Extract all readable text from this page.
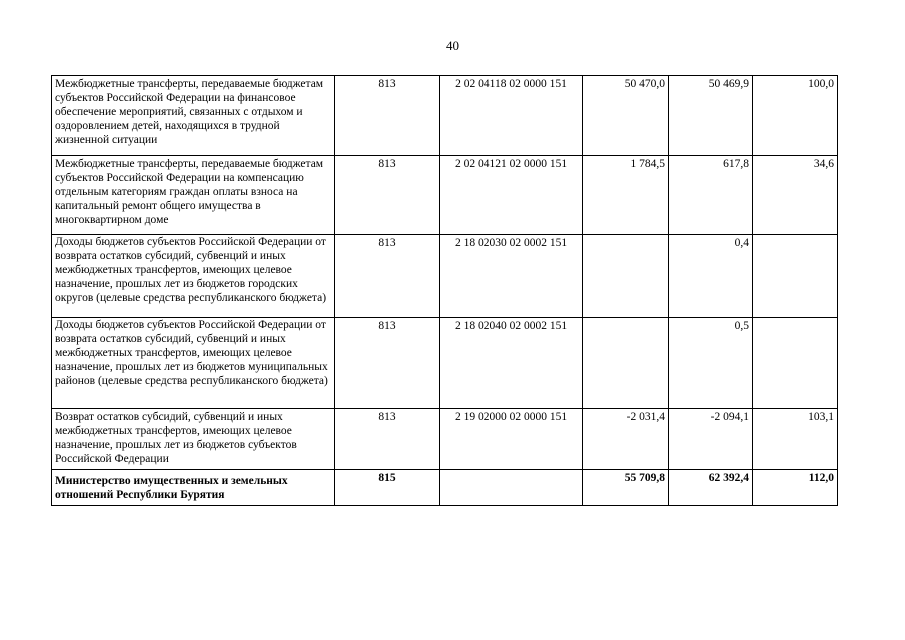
40
Межбюджетные трансферты, передаваемые бюджетам субъектов Российской Федерации на финансовое обеспечение мероприятий, связанных с отдыхом и оздоровлением детей, находящихся в трудной жизненной ситуации	813	2 02 04118 02 0000 151	50 470,0	50 469,9	100,0
Межбюджетные трансферты, передаваемые бюджетам субъектов Российской Федерации на компенсацию отдельным категориям граждан оплаты взноса на капитальный ремонт общего имущества в многоквартирном доме	813	2 02 04121 02 0000 151	1 784,5	617,8	34,6
Доходы бюджетов субъектов Российской Федерации от возврата остатков субсидий, субвенций и иных межбюджетных трансфертов, имеющих целевое назначение, прошлых лет из бюджетов городских округов (целевые средства республиканского бюджета)	813	2 18 02030 02 0002 151		0,4	
Доходы бюджетов субъектов Российской Федерации от возврата остатков субсидий, субвенций и иных межбюджетных трансфертов, имеющих целевое назначение, прошлых лет из бюджетов муниципальных районов (целевые средства республиканского бюджета)	813	2 18 02040 02 0002 151		0,5	
Возврат остатков субсидий, субвенций и иных межбюджетных трансфертов, имеющих целевое назначение, прошлых лет из бюджетов субъектов Российской Федерации	813	2 19 02000 02 0000 151	-2 031,4	-2 094,1	103,1
Министерство имущественных и земельных отношений Республики Бурятия	815		55 709,8	62 392,4	112,0
